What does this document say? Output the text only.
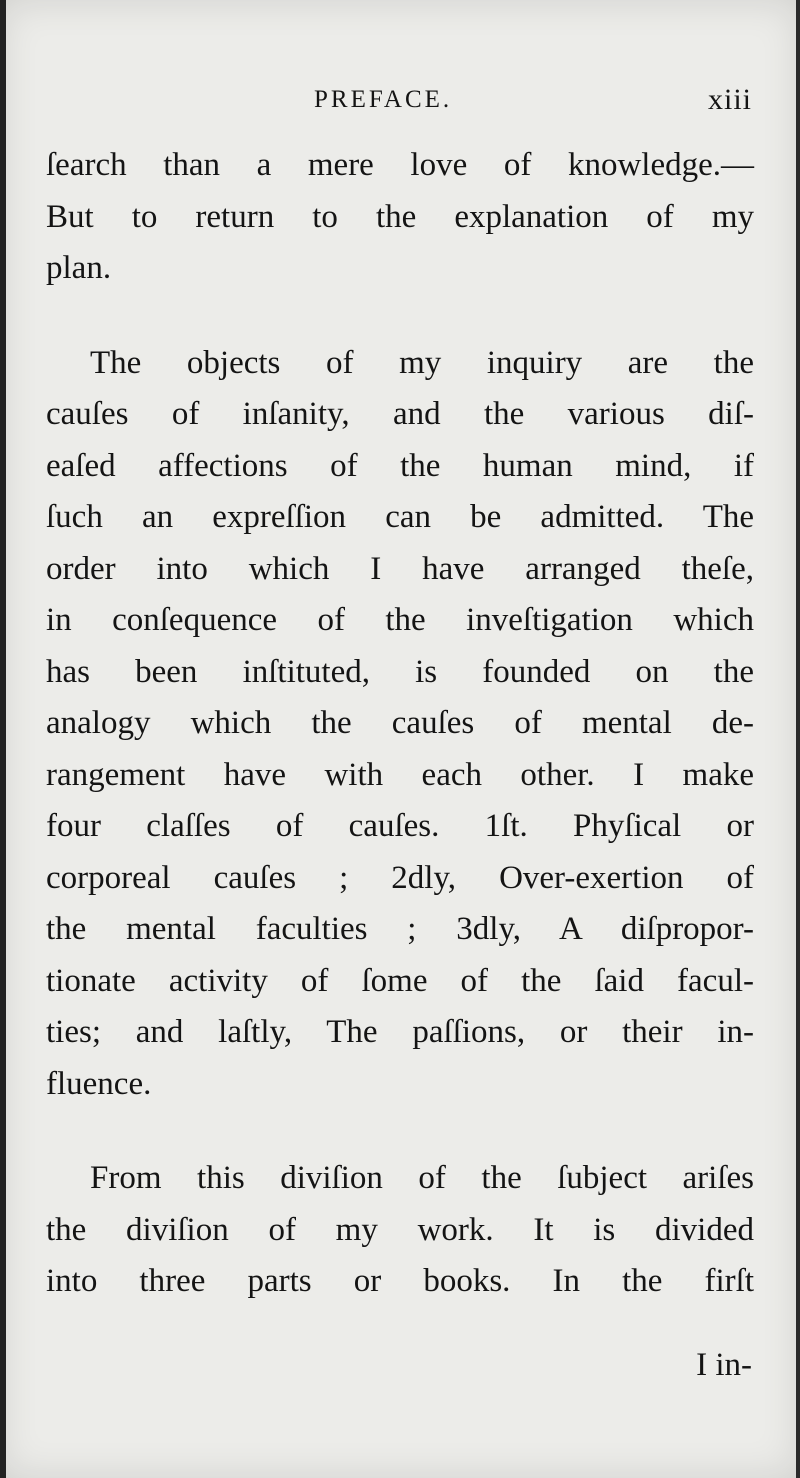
PREFACE.	xiii
ſearch than a mere love of knowledge.—
But to return to the explanation of my
plan.
The objects of my inquiry are the
cauſes of inſanity, and the various diſ-
eaſed affections of the human mind, if
ſuch an expreſſion can be admitted. The
order into which I have arranged theſe,
in conſequence of the inveſtigation which
has been inſtituted, is founded on the
analogy which the cauſes of mental de-
rangement have with each other. I make
four claſſes of cauſes. 1ſt. Phyſical or
corporeal cauſes ; 2dly, Over-exertion of
the mental faculties ; 3dly, A diſpropor-
tionate activity of ſome of the ſaid facul-
ties; and laſtly, The paſſions, or their in-
fluence.
From this diviſion of the ſubject ariſes
the diviſion of my work. It is divided
into three parts or books. In the firſt
I in-
